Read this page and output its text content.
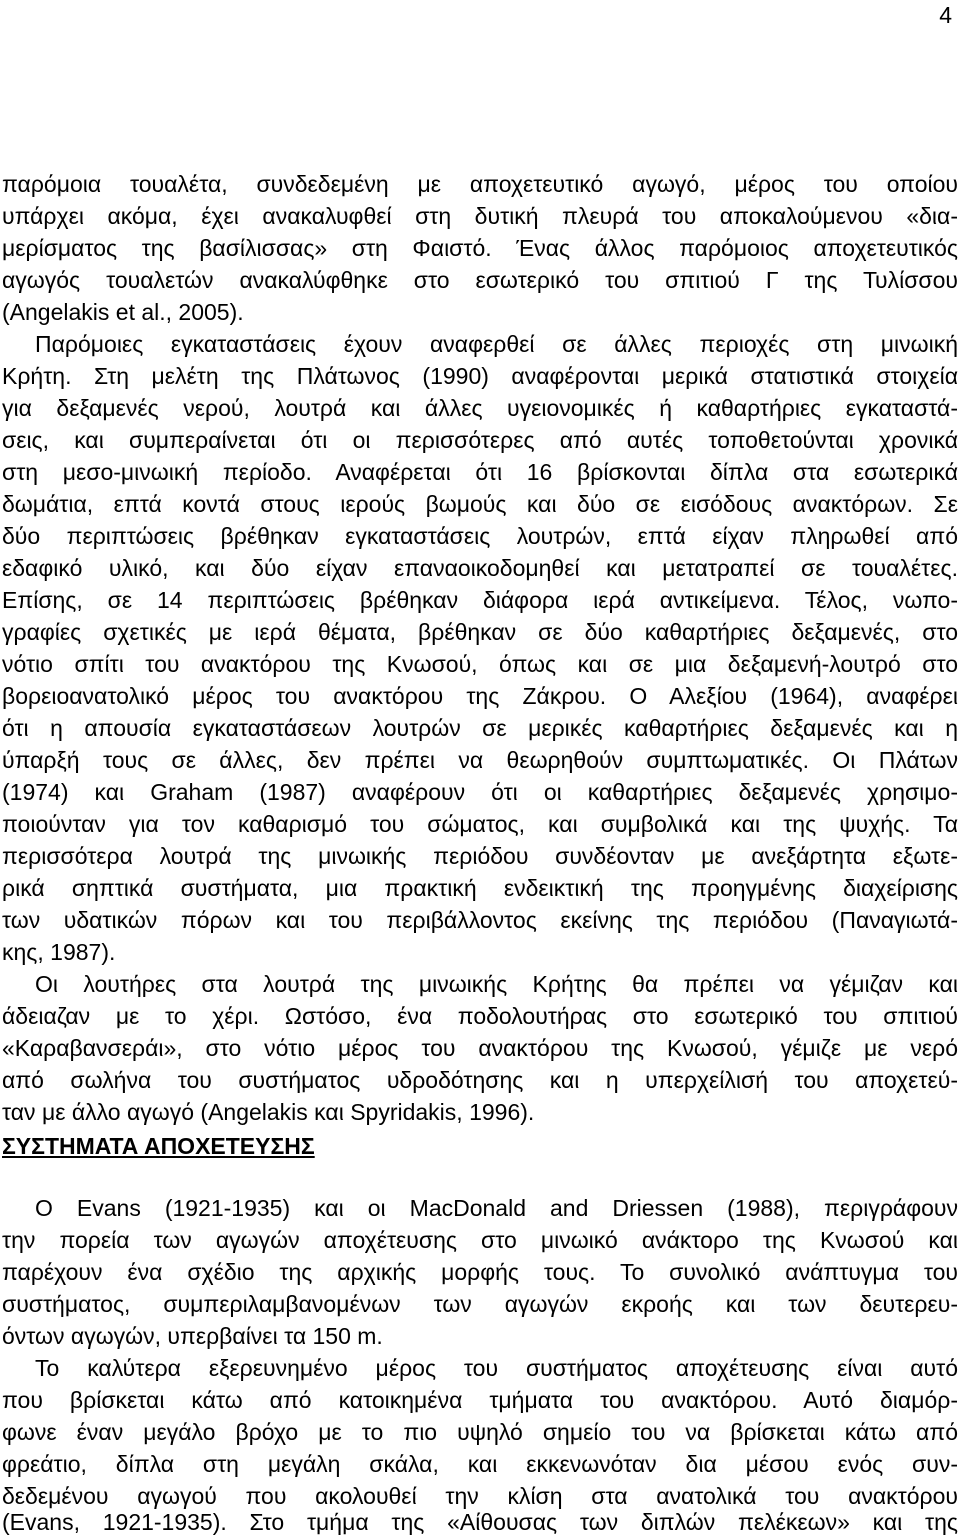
4
παρόμοια τουαλέτα, συνδεδεμένη με αποχετευτικό αγωγό, μέρος του οποίου
υπάρχει ακόμα, έχει ανακαλυφθεί στη δυτική πλευρά του αποκαλούμενου «δια-
μερίσματος της βασίλισσας» στη Φαιστό. Ένας άλλος παρόμοιος αποχετευτικός
αγωγός τουαλετών ανακαλύφθηκε στο εσωτερικό του σπιτιού Γ της Τυλίσσου
(Angelakis et al., 2005).
Παρόμοιες εγκαταστάσεις έχουν αναφερθεί σε άλλες περιοχές στη μινωική
Κρήτη. Στη μελέτη της Πλάτωνος (1990) αναφέρονται μερικά στατιστικά στοιχεία
για δεξαμενές νερού, λουτρά και άλλες υγειονομικές ή καθαρτήριες εγκαταστά-
σεις, και συμπεραίνεται ότι οι περισσότερες από αυτές τοποθετούνται χρονικά
στη μεσο-μινωική περίοδο. Αναφέρεται ότι 16 βρίσκονται δίπλα στα εσωτερικά
δωμάτια, επτά κοντά στους ιερούς βωμούς και δύο σε εισόδους ανακτόρων. Σε
δύο περιπτώσεις βρέθηκαν εγκαταστάσεις λουτρών, επτά είχαν πληρωθεί από
εδαφικό υλικό, και δύο είχαν επαναοικοδομηθεί και μετατραπεί σε τουαλέτες.
Επίσης, σε 14 περιπτώσεις βρέθηκαν διάφορα ιερά αντικείμενα. Τέλος, νωπο-
γραφίες σχετικές με ιερά θέματα, βρέθηκαν σε δύο καθαρτήριες δεξαμενές, στο
νότιο σπίτι του ανακτόρου της Κνωσού, όπως και σε μια δεξαμενή-λουτρό στο
βορειοανατολικό μέρος του ανακτόρου της Ζάκρου. Ο Αλεξίου (1964), αναφέρει
ότι η απουσία εγκαταστάσεων λουτρών σε μερικές καθαρτήριες δεξαμενές και η
ύπαρξή τους σε άλλες, δεν πρέπει να θεωρηθούν συμπτωματικές. Οι Πλάτων
(1974) και Graham (1987) αναφέρουν ότι οι καθαρτήριες δεξαμενές χρησιμο-
ποιούνταν για τον καθαρισμό του σώματος, και συμβολικά και της ψυχής. Τα
περισσότερα λουτρά της μινωικής περιόδου συνδέονταν με ανεξάρτητα εξωτε-
ρικά σηπτικά συστήματα, μια πρακτική ενδεικτική της προηγμένης διαχείρισης
των υδατικών πόρων και του περιβάλλοντος εκείνης της περιόδου (Παναγιωτά-
κης, 1987).
Οι λουτήρες στα λουτρά της μινωικής Κρήτης θα πρέπει να γέμιζαν και
άδειαζαν με το χέρι. Ωστόσο, ένα ποδολουτήρας στο εσωτερικό του σπιτιού
«Καραβανσεράι», στο νότιο μέρος του ανακτόρου της Κνωσού, γέμιζε με νερό
από σωλήνα του συστήματος υδροδότησης και η υπερχείλισή του αποχετεύ-
ταν με άλλο αγωγό (Angelakis και Spyridakis, 1996).
ΣΥΣΤΗΜΑΤΑ ΑΠΟΧΕΤΕΥΣΗΣ
Ο Evans (1921-1935) και οι MacDonald and Driessen (1988), περιγράφουν
την πορεία των αγωγών αποχέτευσης στο μινωικό ανάκτορο της Κνωσού και
παρέχουν ένα σχέδιο της αρχικής μορφής τους. Το συνολικό ανάπτυγμα του
συστήματος, συμπεριλαμβανομένων των αγωγών εκροής και των δευτερευ-
όντων αγωγών, υπερβαίνει τα 150 m.
Το καλύτερα εξερευνημένο μέρος του συστήματος αποχέτευσης είναι αυτό
που βρίσκεται κάτω από κατοικημένα τμήματα του ανακτόρου. Αυτό διαμόρ-
φωνε έναν μεγάλο βρόχο με το πιο υψηλό σημείο του να βρίσκεται κάτω από
φρεάτιο, δίπλα στη μεγάλη σκάλα, και εκκενωνόταν δια μέσου ενός συν-
δεδεμένου αγωγού που ακολουθεί την κλίση στα ανατολικά του ανακτόρου
(Evans, 1921-1935). Στο τμήμα της «Αίθουσας των διπλών πελέκεων» και της
